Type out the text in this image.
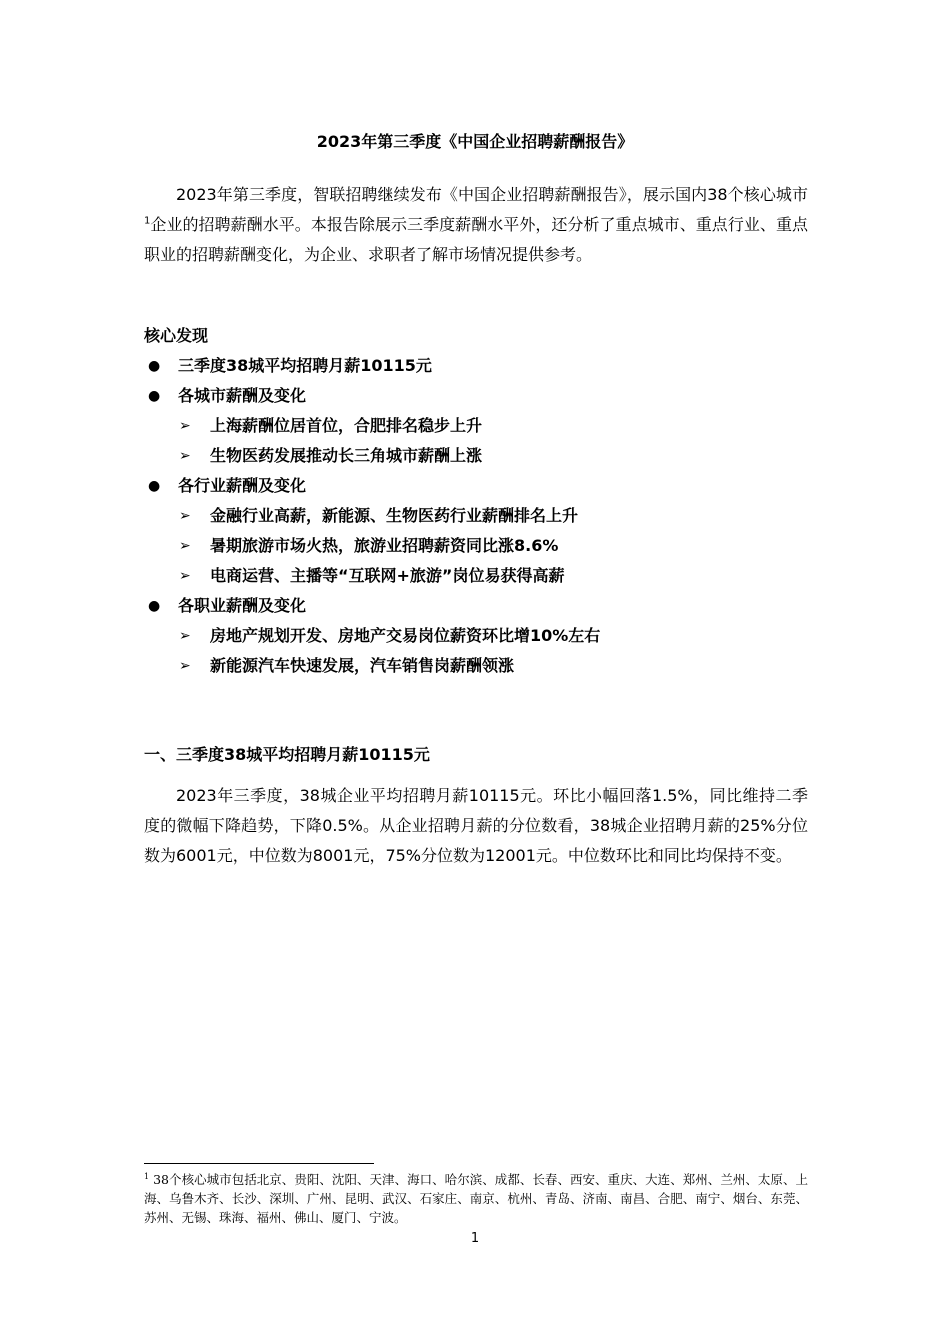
2023年第三季度《中国企业招聘薪酬报告》

2023年第三季度，智联招聘继续发布《中国企业招聘薪酬报告》，展示国内38个核心城市$^1$企业的招聘薪酬水平。本报告除展示三季度薪酬水平外，还分析了重点城市、重点行业、重点职业的招聘薪酬变化，为企业、求职者了解市场情况提供参考。

核心发现
● 三季度38城平均招聘月薪10115元
● 各城市薪酬及变化
➢ 上海薪酬位居首位，合肥排名稳步上升
➢ 生物医药发展推动长三角城市薪酬上涨
● 各行业薪酬及变化
➢ 金融行业高薪，新能源、生物医药行业薪酬排名上升
➢ 暑期旅游市场火热，旅游业招聘薪资同比涨8.6%
➢ 电商运营、主播等“互联网+旅游”岗位易获得高薪
● 各职业薪酬及变化
➢ 房地产规划开发、房地产交易岗位薪资环比增10%左右
➢ 新能源汽车快速发展，汽车销售岗薪酬领涨
一、三季度38城平均招聘月薪10115元

2023年三季度，38城企业平均招聘月薪10115元。环比小幅回落1.5%，同比维持二季度的微幅下降趋势，下降0.5%。从企业招聘月薪的分位数看，38城企业招聘月薪的25%分位数为6001元，中位数为8001元，75%分位数为12001元。中位数环比和同比均保持不变。

$^1$ 38个核心城市包括北京、贵阳、沈阳、天津、海口、哈尔滨、成都、长春、西安、重庆、大连、郑州、兰州、太原、上海、乌鲁木齐、长沙、深圳、广州、昆明、武汉、石家庄、南京、杭州、青岛、济南、南昌、合肥、南宁、烟台、东莞、苏州、无锡、珠海、福州、佛山、厦门、宁波。
1
